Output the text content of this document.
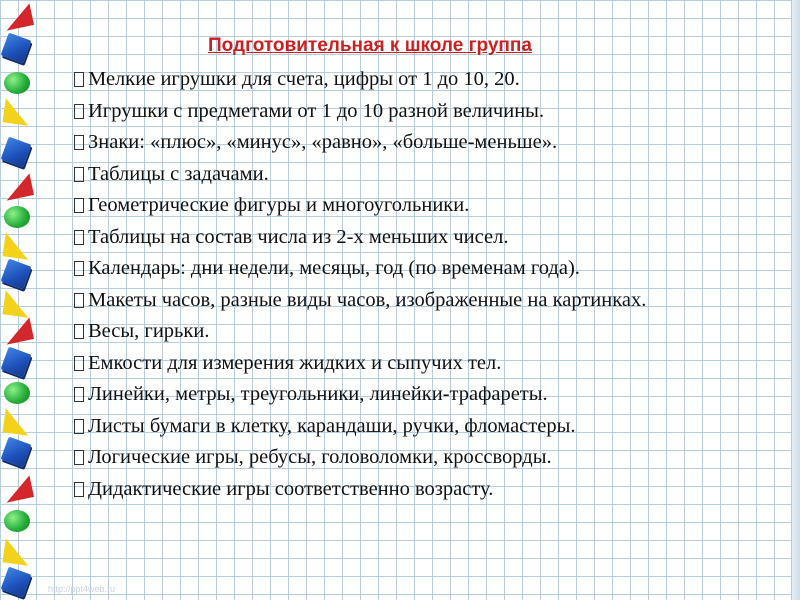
Подготовительная к школе группа
Мелкие игрушки для счета, цифры от 1 до 10, 20.
Игрушки с предметами от 1 до 10 разной величины.
Знаки: «плюс», «минус», «равно», «больше-меньше».
Таблицы с задачами.
Геометрические фигуры и многоугольники.
Таблицы на состав числа из 2-х меньших чисел.
Календарь: дни недели, месяцы, год (по временам года).
Макеты часов, разные виды часов, изображенные на картинках.
Весы, гирьки.
Емкости для измерения жидких и сыпучих тел.
Линейки, метры, треугольники, линейки-трафареты.
Листы бумаги в клетку, карандаши, ручки, фломастеры.
Логические игры, ребусы, головоломки, кроссворды.
Дидактические игры соответственно возрасту.
http://ppt4web.ru
